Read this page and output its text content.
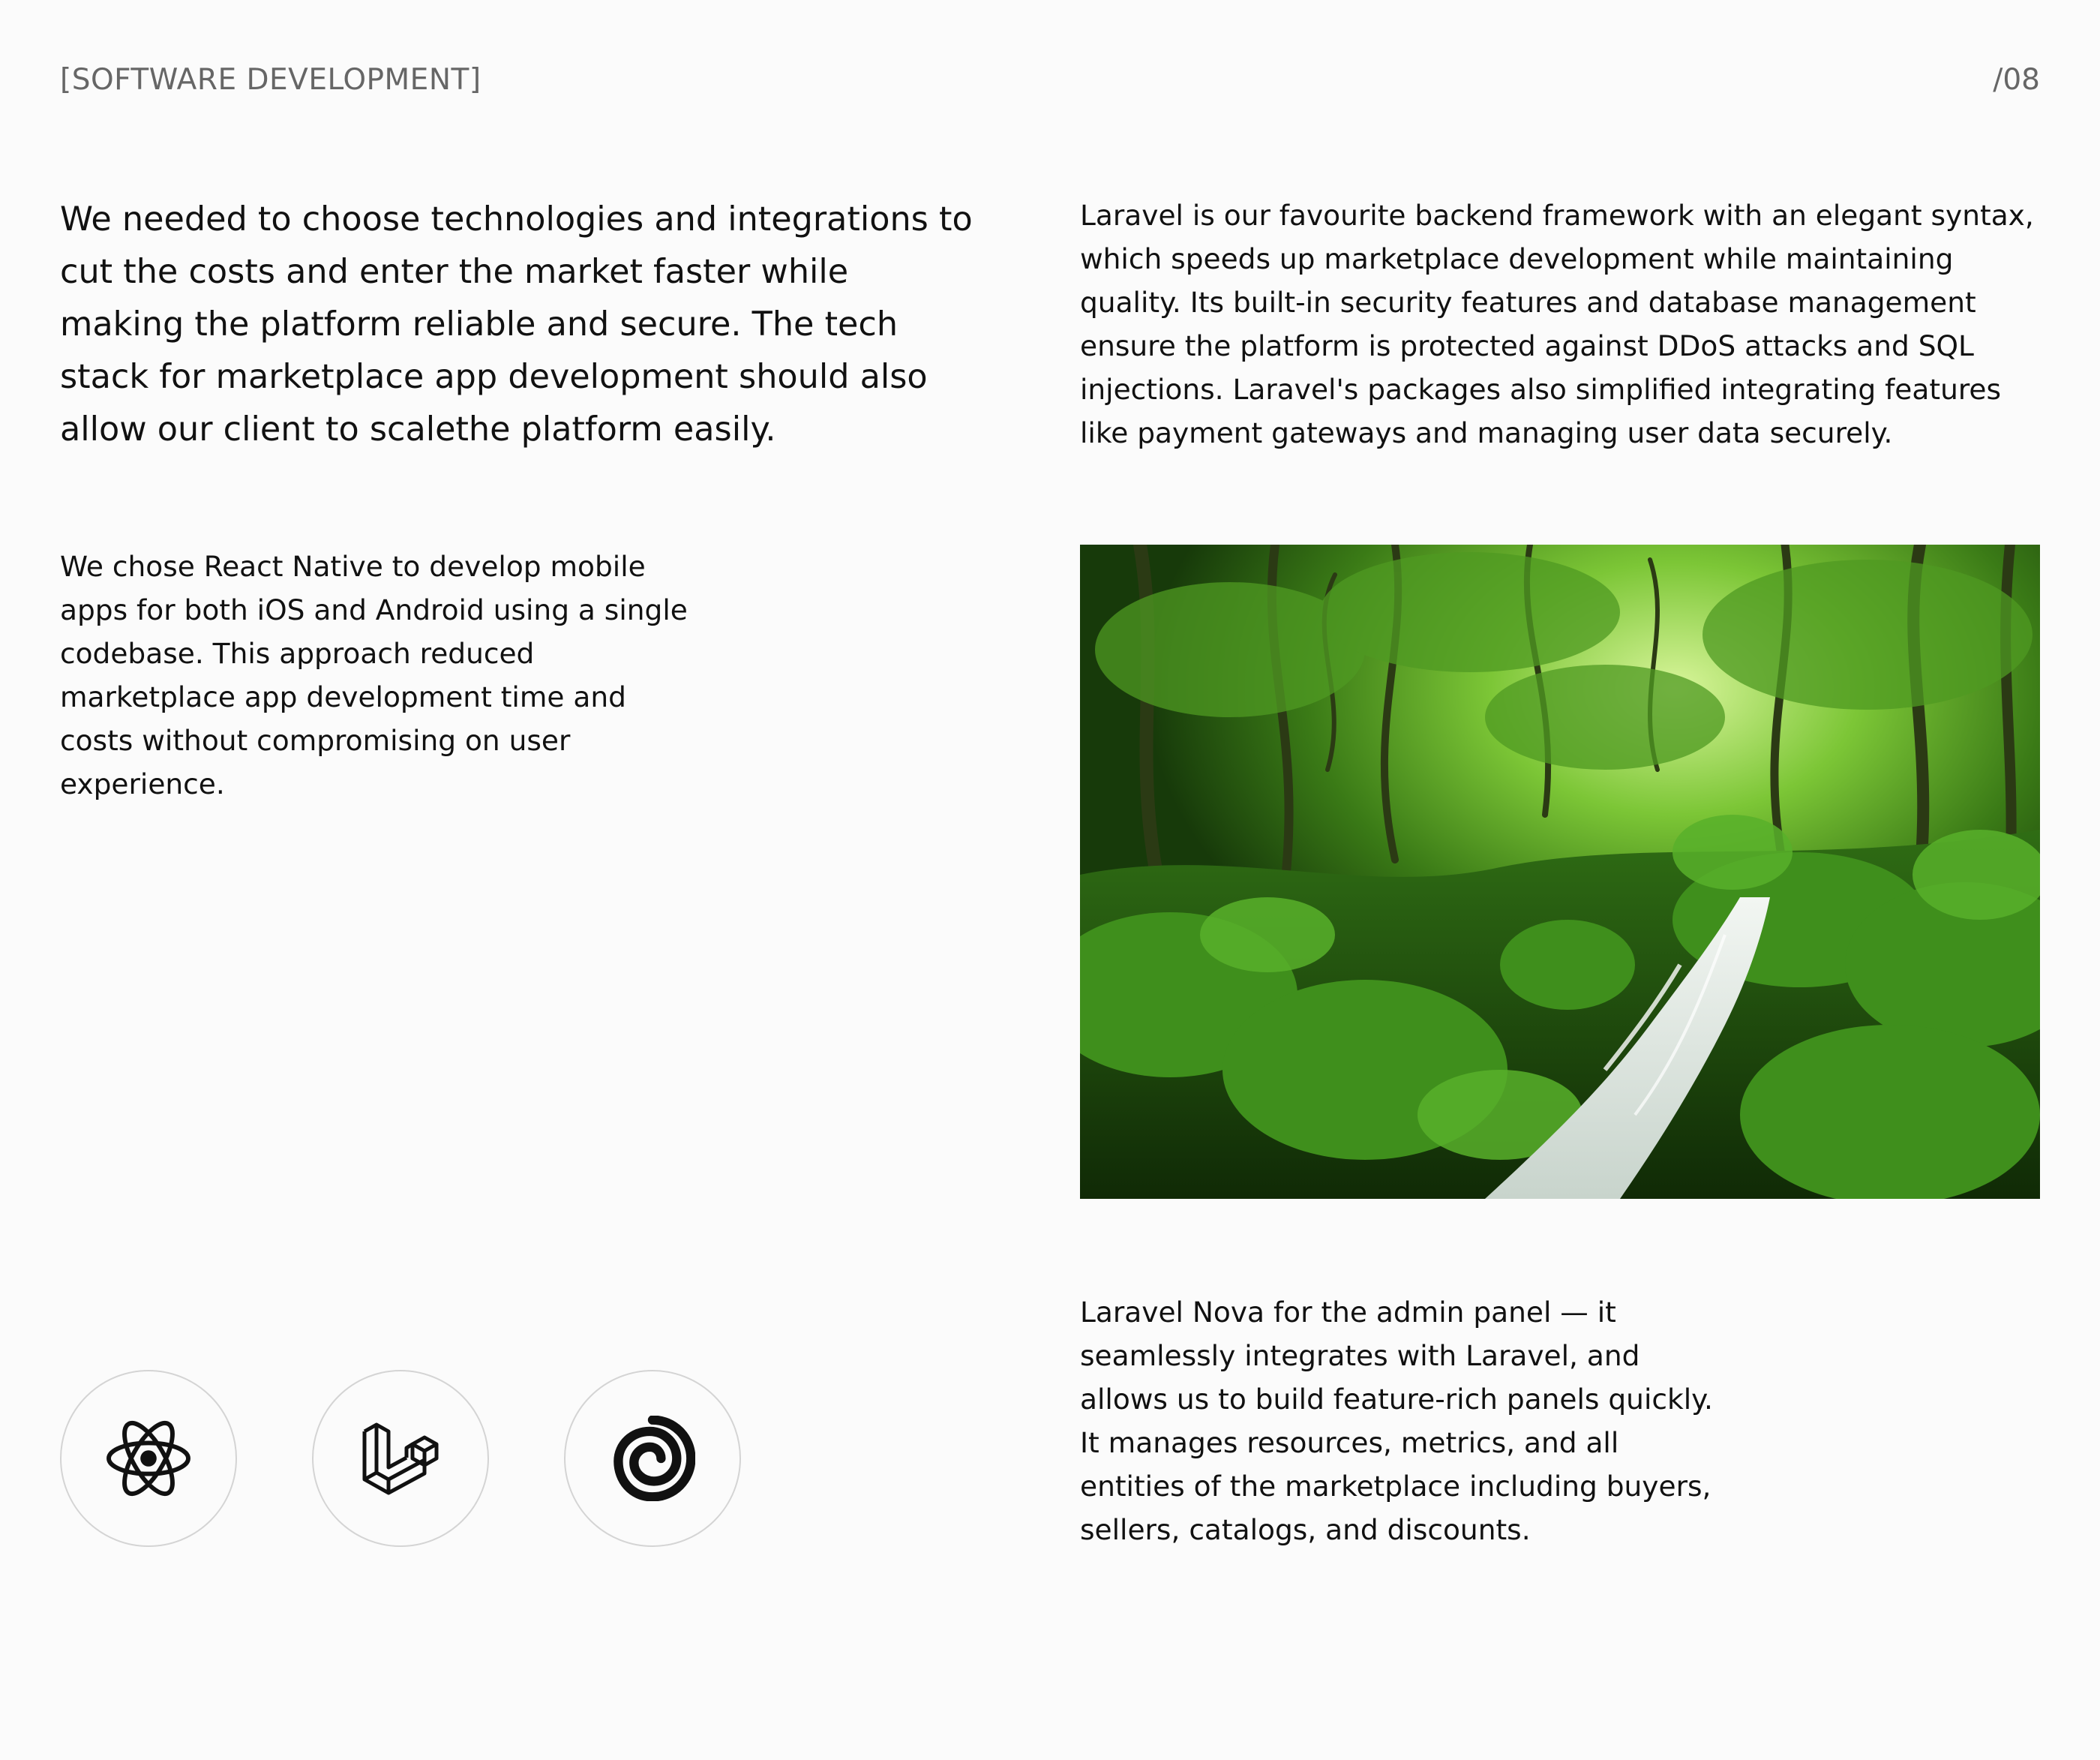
[SOFTWARE DEVELOPMENT]	/08

We needed to choose technologies and integrations to cut the costs and enter the market faster while making the platform reliable and secure. The tech stack for marketplace app development should also allow our client to scalethe platform easily.

Laravel is our favourite backend framework with an elegant syntax, which speeds up marketplace development while maintaining quality. Its built-in security features and database management ensure the platform is protected against DDoS attacks and SQL injections. Laravel's packages also simplified integrating features like payment gateways and managing user data securely.

We chose React Native to develop mobile apps for both iOS and Android using a single codebase. This approach reduced marketplace app development time and costs without compromising on user experience.

Laravel Nova for the admin panel — it seamlessly integrates with Laravel, and allows us to build feature-rich panels quickly. It manages resources, metrics, and all entities of the marketplace including buyers, sellers, catalogs, and discounts.
